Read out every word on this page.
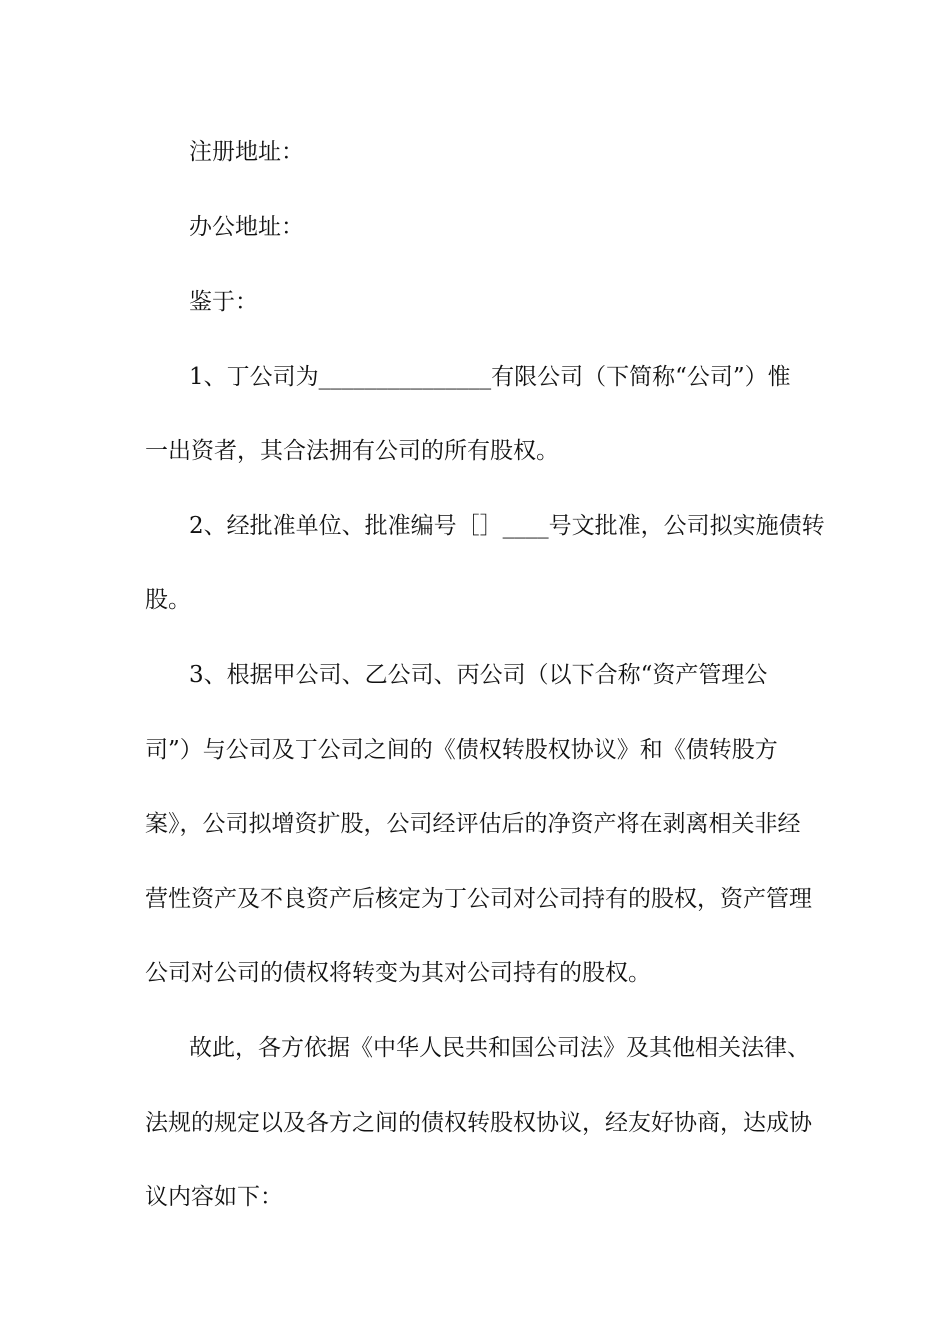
注册地址：
办公地址：
鉴于：
1、丁公司为_______________有限公司（下简称“公司”）惟
一出资者，其合法拥有公司的所有股权。
2、经批准单位、批准编号［］____号文批准，公司拟实施债转
股。
3、根据甲公司、乙公司、丙公司（以下合称“资产管理公
司”）与公司及丁公司之间的《债权转股权协议》和《债转股方
案》，公司拟增资扩股，公司经评估后的净资产将在剥离相关非经
营性资产及不良资产后核定为丁公司对公司持有的股权，资产管理
公司对公司的债权将转变为其对公司持有的股权。
故此，各方依据《中华人民共和国公司法》及其他相关法律、
法规的规定以及各方之间的债权转股权协议，经友好协商，达成协
议内容如下：
